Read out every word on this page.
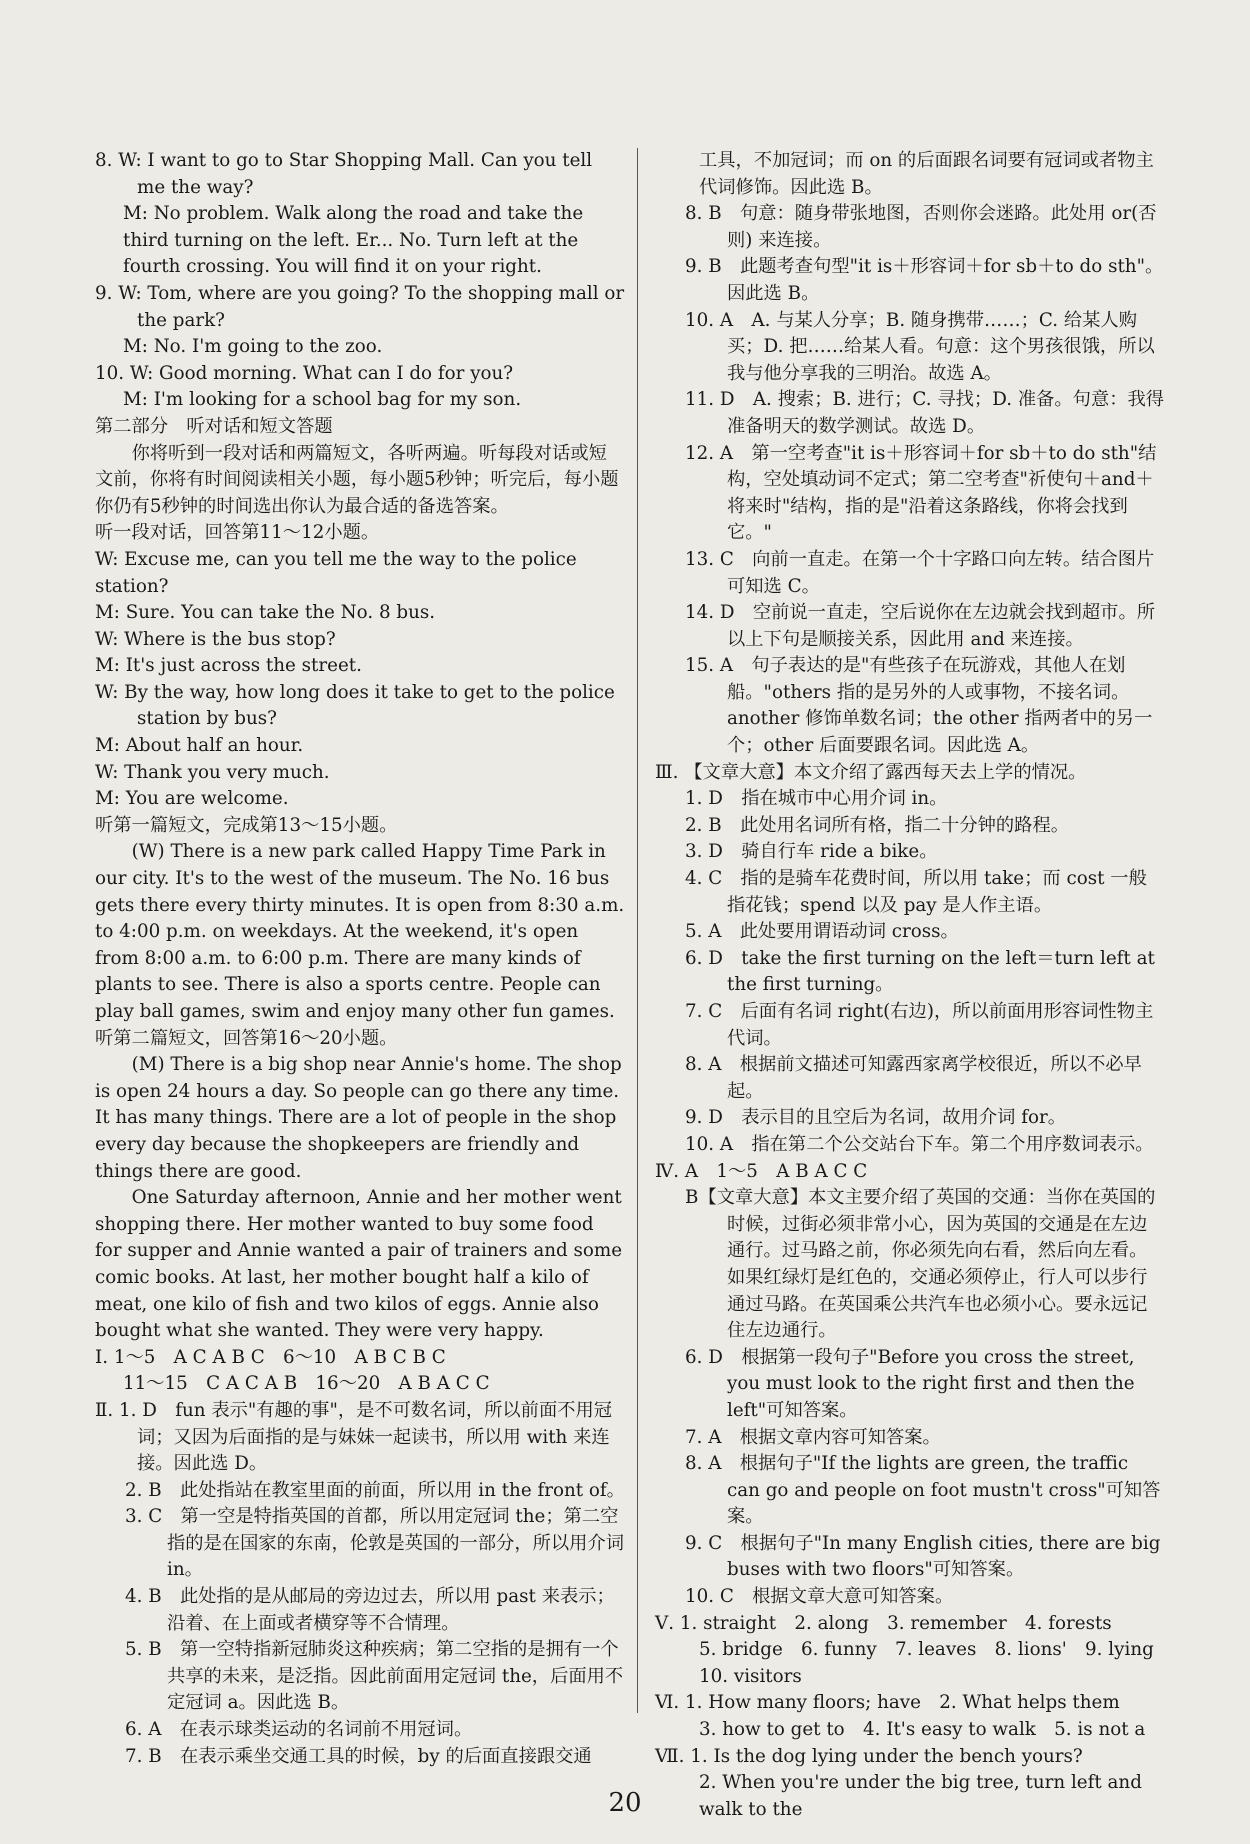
8. W: I want to go to Star Shopping Mall. Can you tell me the way?
M: No problem. Walk along the road and take the third turning on the left. Er... No. Turn left at the fourth crossing. You will find it on your right.
9. W: Tom, where are you going? To the shopping mall or the park?
M: No. I'm going to the zoo.
10. W: Good morning. What can I do for you?
M: I'm looking for a school bag for my son.
第二部分　听对话和短文答题
你将听到一段对话和两篇短文，各听两遍。听每段对话或短文前，你将有时间阅读相关小题，每小题5秒钟；听完后，每小题你仍有5秒钟的时间选出你认为最合适的备选答案。
听一段对话，回答第11～12小题。
W: Excuse me, can you tell me the way to the police station?
M: Sure. You can take the No. 8 bus.
W: Where is the bus stop?
M: It's just across the street.
W: By the way, how long does it take to get to the police station by bus?
M: About half an hour.
W: Thank you very much.
M: You are welcome.
听第一篇短文，完成第13～15小题。
(W) There is a new park called Happy Time Park in our city. It's to the west of the museum. The No. 16 bus gets there every thirty minutes. It is open from 8:30 a.m. to 4:00 p.m. on weekdays. At the weekend, it's open from 8:00 a.m. to 6:00 p.m. There are many kinds of plants to see. There is also a sports centre. People can play ball games, swim and enjoy many other fun games.
听第二篇短文，回答第16～20小题。
(M) There is a big shop near Annie's home. The shop is open 24 hours a day. So people can go there any time. It has many things. There are a lot of people in the shop every day because the shopkeepers are friendly and things there are good.
One Saturday afternoon, Annie and her mother went shopping there. Her mother wanted to buy some food for supper and Annie wanted a pair of trainers and some comic books. At last, her mother bought half a kilo of meat, one kilo of fish and two kilos of eggs. Annie also bought what she wanted. They were very happy.
Ⅰ. 1～5　A C A B C　6～10　A B C B C
11～15　C A C A B　16～20　A B A C C
Ⅱ. 1. D　fun 表示"有趣的事"，是不可数名词，所以前面不用冠词；又因为后面指的是与妹妹一起读书，所以用 with 来连接。因此选 D。
2. B　此处指站在教室里面的前面，所以用 in the front of。
3. C　第一空是特指英国的首都，所以用定冠词 the；第二空指的是在国家的东南，伦敦是英国的一部分，所以用介词 in。
4. B　此处指的是从邮局的旁边过去，所以用 past 来表示；沿着、在上面或者横穿等不合情理。
5. B　第一空特指新冠肺炎这种疾病；第二空指的是拥有一个共享的未来，是泛指。因此前面用定冠词 the，后面用不定冠词 a。因此选 B。
6. A　在表示球类运动的名词前不用冠词。
7. B　在表示乘坐交通工具的时候，by 的后面直接跟交通
工具，不加冠词；而 on 的后面跟名词要有冠词或者物主代词修饰。因此选 B。
8. B　句意：随身带张地图，否则你会迷路。此处用 or(否则) 来连接。
9. B　此题考查句型"it is＋形容词＋for sb＋to do sth"。因此选 B。
10. A　A. 与某人分享；B. 随身携带……；C. 给某人购买；D. 把……给某人看。句意：这个男孩很饿，所以我与他分享我的三明治。故选 A。
11. D　A. 搜索；B. 进行；C. 寻找；D. 准备。句意：我得准备明天的数学测试。故选 D。
12. A　第一空考查"it is＋形容词＋for sb＋to do sth"结构，空处填动词不定式；第二空考查"祈使句＋and＋将来时"结构，指的是"沿着这条路线，你将会找到它。"
13. C　向前一直走。在第一个十字路口向左转。结合图片可知选 C。
14. D　空前说一直走，空后说你在左边就会找到超市。所以上下句是顺接关系，因此用 and 来连接。
15. A　句子表达的是"有些孩子在玩游戏，其他人在划船。"others 指的是另外的人或事物，不接名词。another 修饰单数名词；the other 指两者中的另一个；other 后面要跟名词。因此选 A。
Ⅲ. 【文章大意】本文介绍了露西每天去上学的情况。
1. D　指在城市中心用介词 in。
2. B　此处用名词所有格，指二十分钟的路程。
3. D　骑自行车 ride a bike。
4. C　指的是骑车花费时间，所以用 take；而 cost 一般指花钱；spend 以及 pay 是人作主语。
5. A　此处要用谓语动词 cross。
6. D　take the first turning on the left＝turn left at the first turning。
7. C　后面有名词 right(右边)，所以前面用形容词性物主代词。
8. A　根据前文描述可知露西家离学校很近，所以不必早起。
9. D　表示目的且空后为名词，故用介词 for。
10. A　指在第二个公交站台下车。第二个用序数词表示。
Ⅳ. A　1～5　A B A C C
B【文章大意】本文主要介绍了英国的交通：当你在英国的时候，过街必须非常小心，因为英国的交通是在左边通行。过马路之前，你必须先向右看，然后向左看。如果红绿灯是红色的，交通必须停止，行人可以步行通过马路。在英国乘公共汽车也必须小心。要永远记住左边通行。
6. D　根据第一段句子"Before you cross the street, you must look to the right first and then the left"可知答案。
7. A　根据文章内容可知答案。
8. A　根据句子"If the lights are green, the traffic can go and people on foot mustn't cross"可知答案。
9. C　根据句子"In many English cities, there are big buses with two floors"可知答案。
10. C　根据文章大意可知答案。
Ⅴ. 1. straight　2. along　3. remember　4. forests
5. bridge　6. funny　7. leaves　8. lions'　9. lying
10. visitors
Ⅵ. 1. How many floors; have　2. What helps them
3. how to get to　4. It's easy to walk　5. is not a
Ⅶ. 1. Is the dog lying under the bench yours?
2. When you're under the big tree, turn left and walk to the
20
